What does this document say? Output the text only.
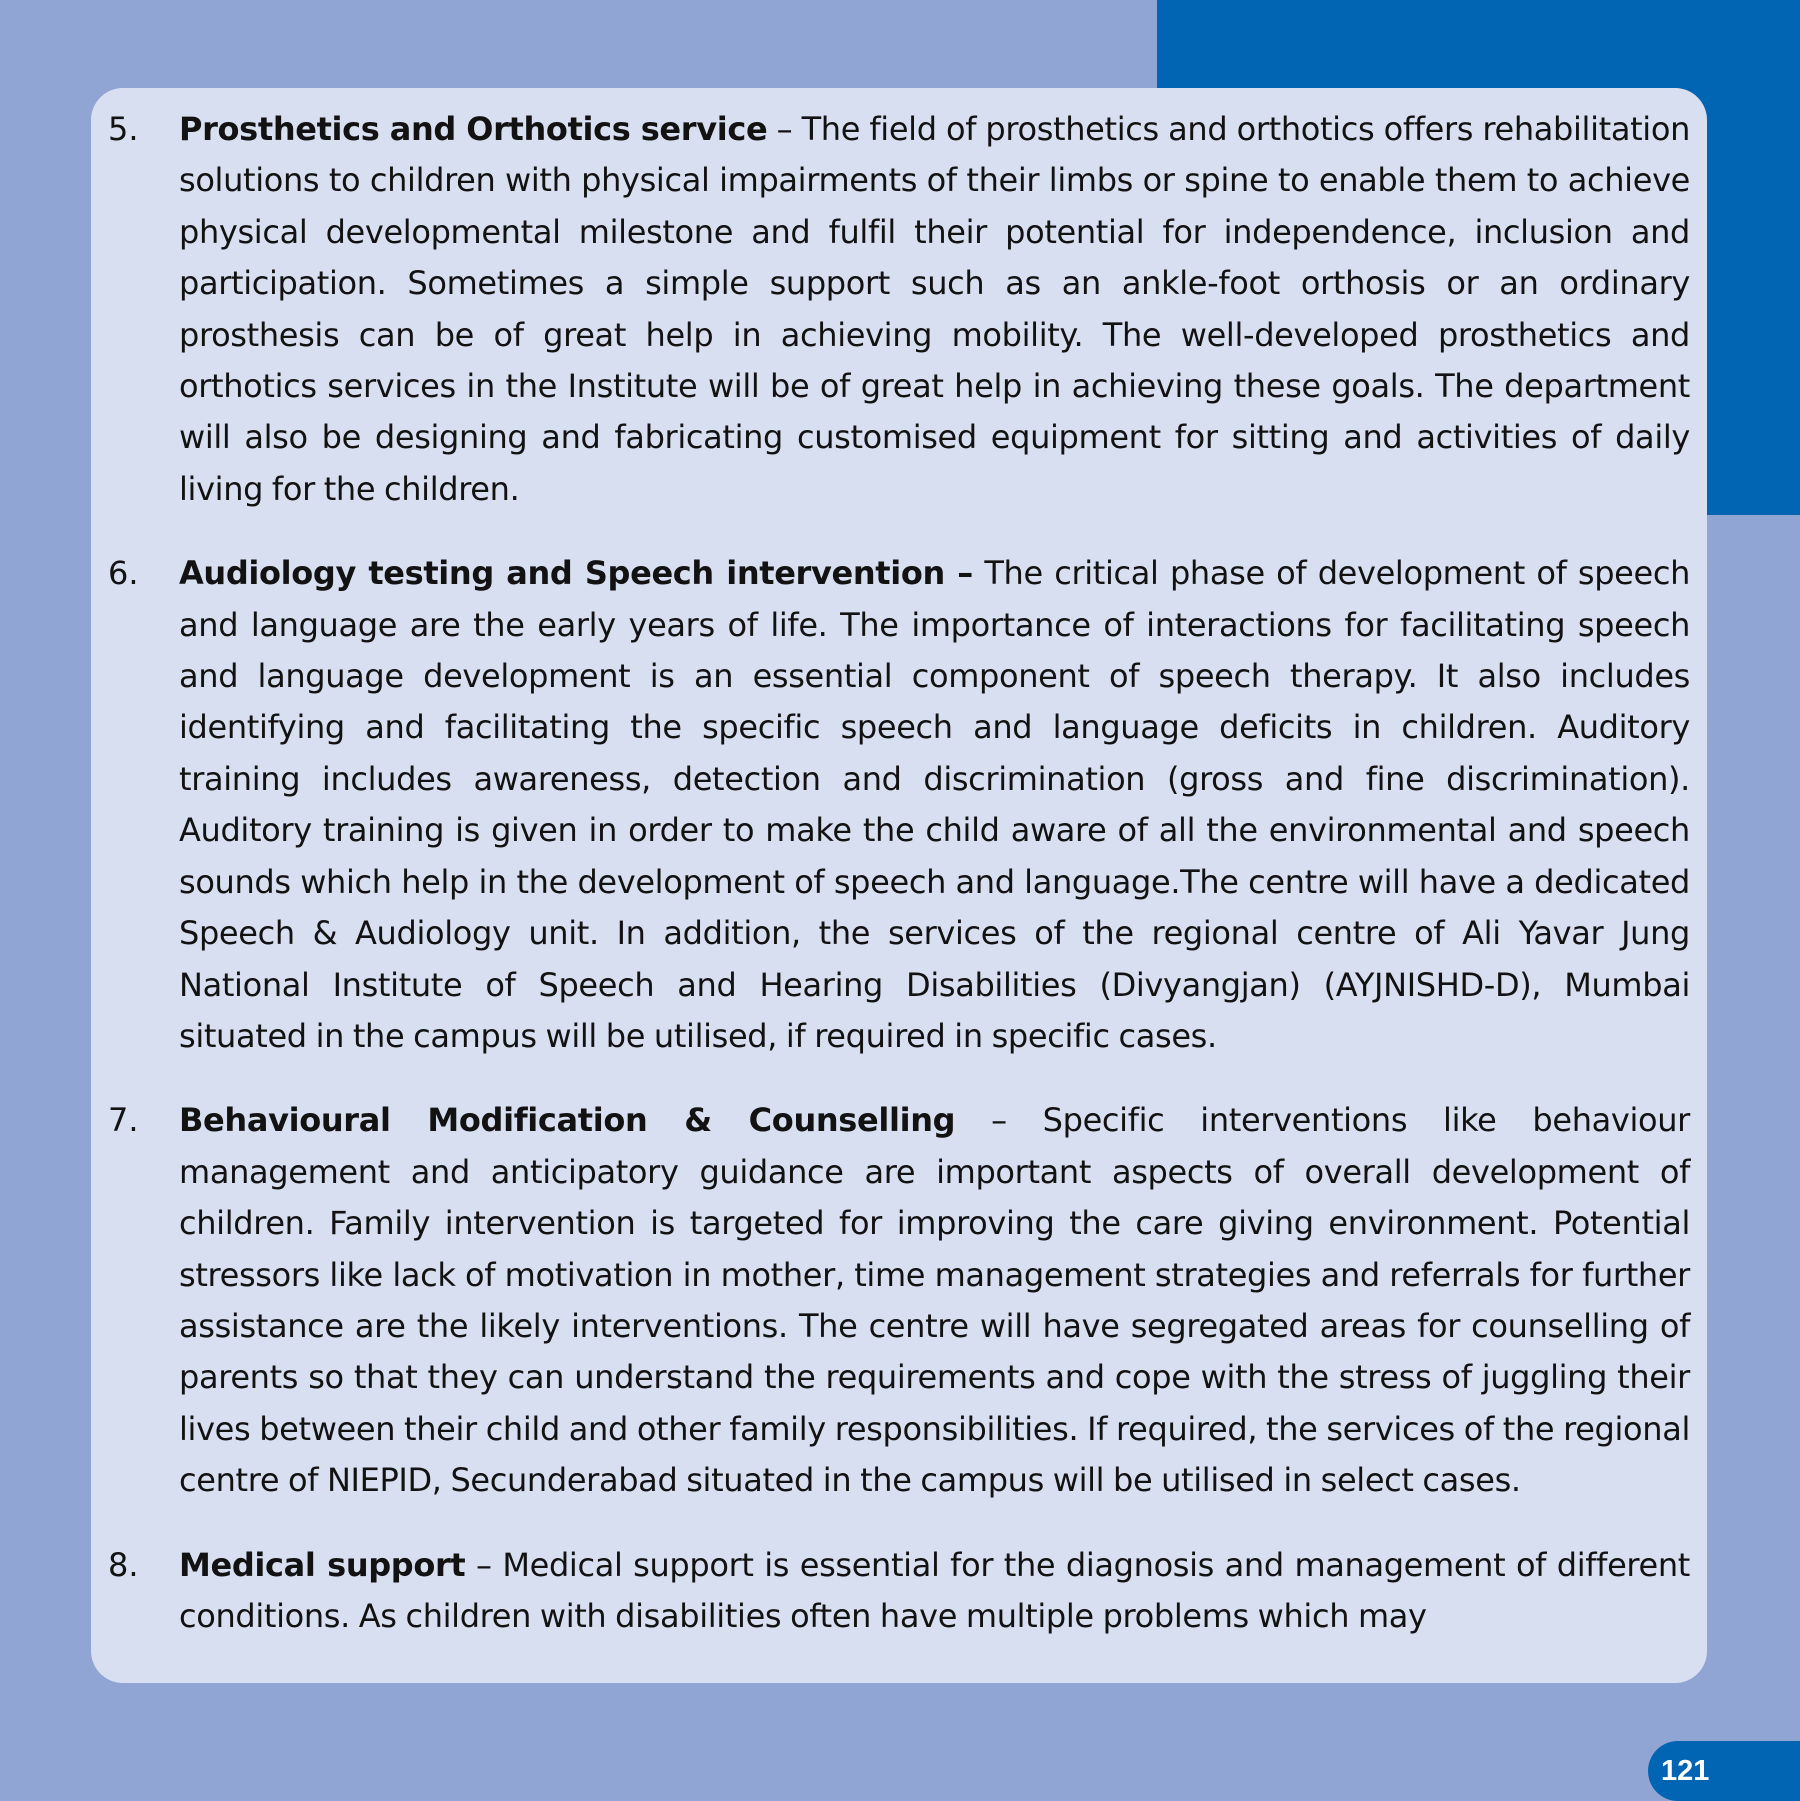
5.	Prosthetics and Orthotics service – The field of prosthetics and orthotics offers rehabilitation solutions to children with physical impairments of their limbs or spine to enable them to achieve physical developmental milestone and fulfil their potential for independence, inclusion and participation. Sometimes a simple support such as an ankle-foot orthosis or an ordinary prosthesis can be of great help in achieving mobility. The well-developed prosthetics and orthotics services in the Institute will be of great help in achieving these goals. The department will also be designing and fabricating customised equipment for sitting and activities of daily living for the children.
6.	Audiology testing and Speech intervention – The critical phase of development of speech and language are the early years of life. The importance of interactions for facilitating speech and language development is an essential component of speech therapy. It also includes identifying and facilitating the specific speech and language deficits in children. Auditory training includes awareness, detection and discrimination (gross and fine discrimination). Auditory training is given in order to make the child aware of all the environmental and speech sounds which help in the development of speech and language.The centre will have a dedicated Speech & Audiology unit. In addition, the services of the regional centre of Ali Yavar Jung National Institute of Speech and Hearing Disabilities (Divyangjan) (AYJNISHD-D), Mumbai situated in the campus will be utilised, if required in specific cases.
7.	Behavioural Modification & Counselling – Specific interventions like behaviour management and anticipatory guidance are important aspects of overall development of children. Family intervention is targeted for improving the care giving environment. Potential stressors like lack of motivation in mother, time management strategies and referrals for further assistance are the likely interventions. The centre will have segregated areas for counselling of parents so that they can understand the requirements and cope with the stress of juggling their lives between their child and other family responsibilities. If required, the services of the regional centre of NIEPID, Secunderabad situated in the campus will be utilised in select cases.
8.	Medical support – Medical support is essential for the diagnosis and management of different conditions. As children with disabilities often have multiple problems which may
121
